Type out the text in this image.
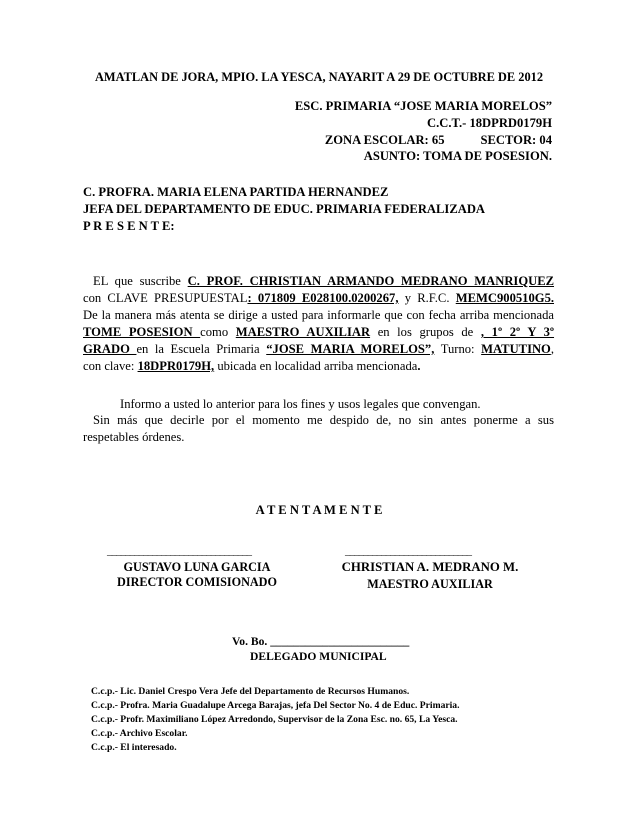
AMATLAN DE JORA, MPIO. LA YESCA, NAYARIT A 29 DE OCTUBRE DE 2012
ESC. PRIMARIA “JOSE MARIA MORELOS”
C.C.T.- 18DPRD0179H
ZONA ESCOLAR: 65	SECTOR: 04
ASUNTO: TOMA DE POSESION.
C. PROFRA. MARIA ELENA PARTIDA HERNANDEZ
JEFA DEL DEPARTAMENTO DE EDUC. PRIMARIA FEDERALIZADA
P R E S E N T E:
EL que suscribe C. PROF. CHRISTIAN ARMANDO MEDRANO MANRIQUEZ
con CLAVE PRESUPUESTAL: 071809 E028100.0200267, y R.F.C. MEMC900510G5.
De la manera más atenta se dirige a usted para informarle que con fecha arriba mencionada
TOME POSESION como MAESTRO AUXILIAR en los grupos de , 1º 2º Y 3º
GRADO en la Escuela Primaria “JOSE MARIA MORELOS”, Turno: MATUTINO,
con clave: 18DPR0179H, ubicada en localidad arriba mencionada.
Informo a usted lo anterior para los fines y usos legales que convengan.
Sin más que decirle por el momento me despido de, no sin antes ponerme a sus
respetables órdenes.
A T E N T A M E N T E
________________________________	____________________________
GUSTAVO LUNA GARCIA
DIRECTOR COMISIONADO
CHRISTIAN A. MEDRANO M.
MAESTRO AUXILIAR
Vo. Bo. ________________________
DELEGADO MUNICIPAL
C.c.p.- Lic. Daniel Crespo Vera Jefe del Departamento de Recursos Humanos.
C.c.p.- Profra. Maria Guadalupe Arcega Barajas, jefa Del Sector No. 4 de Educ. Primaria.
C.c.p.- Profr. Maximiliano López Arredondo, Supervisor de la Zona Esc. no. 65, La Yesca.
C.c.p.- Archivo Escolar.
C.c.p.- El interesado.
